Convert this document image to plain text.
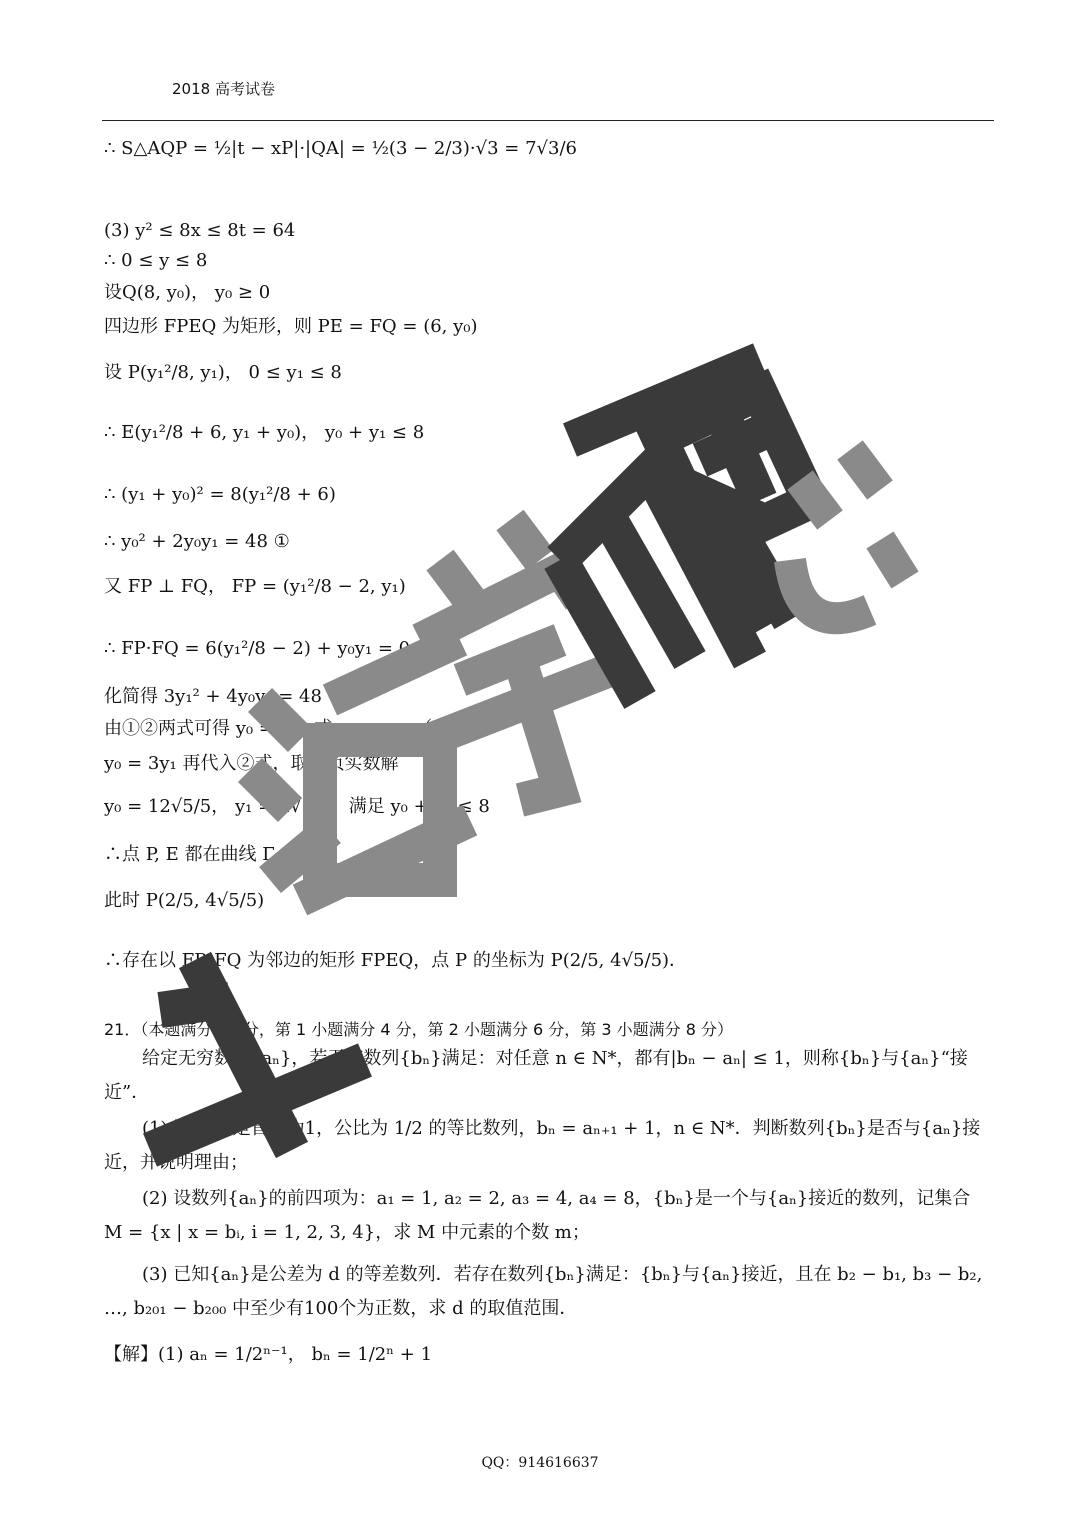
2018 高考试卷
∴ S△AQP = ½|t − xP|·|QA| = ½(3 − 2/3)·√3 = 7√3/6
(3) y² ≤ 8x ≤ 8t = 64
∴ 0 ≤ y ≤ 8
设Q(8, y₀)， y₀ ≥ 0
四边形 FPEQ 为矩形，则 PE = FQ = (6, y₀)
设 P(y₁²/8, y₁)， 0 ≤ y₁ ≤ 8
∴ E(y₁²/8 + 6, y₁ + y₀)， y₀ + y₁ ≤ 8
∴ (y₁ + y₀)² = 8(y₁²/8 + 6)
∴ y₀² + 2y₀y₁ = 48 ①
又 FP ⊥ FQ， FP = (y₁²/8 − 2, y₁)
∴ FP·FQ = 6(y₁²/8 − 2) + y₀y₁ = 0
化简得 3y₁² + 4y₀y₁ = 48 ②
由①②两式可得 y₀ = 3y₁ 或 y₀ = −y₁（舍）
y₀ = 3y₁ 再代入②式，取非负实数解
y₀ = 12√5/5， y₁ = 4√5/5，满足 y₀ + y₁ ≤ 8
∴点 P, E 都在曲线 Γ 上
此时 P(2/5, 4√5/5)
∴存在以 FP, FQ 为邻边的矩形 FPEQ，点 P 的坐标为 P(2/5, 4√5/5)．
21．（本题满分 18 分，第 1 小题满分 4 分，第 2 小题满分 6 分，第 3 小题满分 8 分）
给定无穷数列{aₙ}，若无穷数列{bₙ}满足：对任意 n ∈ N*，都有|bₙ − aₙ| ≤ 1，则称{bₙ}与{aₙ}“接近”．
(1) 设{aₙ}是首项为1，公比为 1/2 的等比数列，bₙ = aₙ₊₁ + 1，n ∈ N*．判断数列{bₙ}是否与{aₙ}接近，并说明理由；
(2) 设数列{aₙ}的前四项为：a₁ = 1, a₂ = 2, a₃ = 4, a₄ = 8，{bₙ}是一个与{aₙ}接近的数列，记集合 M = {x | x = bᵢ, i = 1, 2, 3, 4}，求 M 中元素的个数 m；
(3) 已知{aₙ}是公差为 d 的等差数列．若存在数列{bₙ}满足：{bₙ}与{aₙ}接近，且在 b₂ − b₁, b₃ − b₂, …, b₂₀₁ − b₂₀₀ 中至少有100个为正数，求 d 的取值范围．
【解】(1) aₙ = 1/2ⁿ⁻¹， bₙ = 1/2ⁿ + 1
QQ：914616637
